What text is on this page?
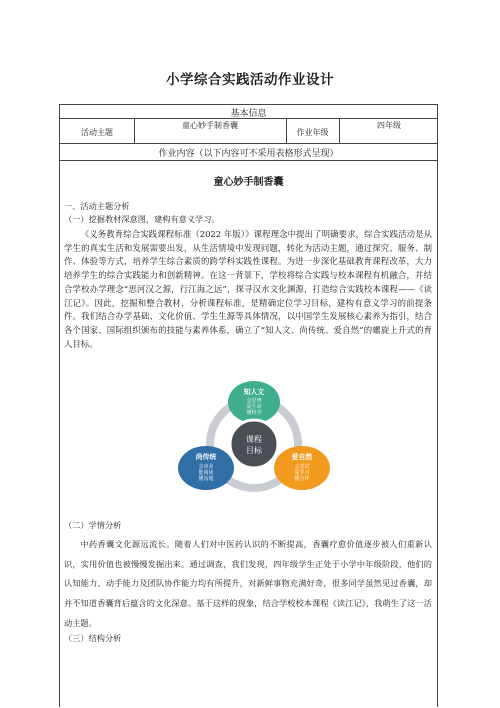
小学综合实践活动作业设计
基本信息
活动主题
童心妙手制香囊
作业年级
四年级
作业内容（以下内容可不采用表格形式呈现）
童心妙手制香囊
一、活动主题分析
（一）挖掘教材深意图，建构有意义学习。
《义务教育综合实践课程标准（2022 年版）》课程理念中提出了明确要求，综合实践活动是从学生的真实生活和发展需要出发，从生活情境中发现问题，转化为活动主题，通过探究、服务、制作、体验等方式，培养学生综合素质的跨学科实践性课程。为进一步深化基础教育课程改革，大力培养学生的综合实践能力和创新精神。在这一背景下，学校将综合实践与校本课程有机融合，并结合学校办学理念“思河汉之源，行江海之远”，探寻汉水文化渊源，打造综合实践校本课程——《读江记》。因此，挖掘和整合教材，分析课程标准，是精确定位学习目标，建构有意义学习的前提条件。我们结合办学基础、文化价值、学生生源等具体情况，以中国学生发展核心素养为指引，结合各个国家、国际组织颁布的技能与素养体系，确立了“知人文、尚传统、爱自然”的螺旋上升式的育人目标。
知人文
会思辨
爱生命
懂科学
尚传统
会审美
能阅读
懂沟通
爱自然
会尝试
爱学习
懂合作
课程
目标
（二）学情分析
中药香囊文化源远流长。随着人们对中医药认识的不断提高，香囊疗愈价值逐步被人们重新认识，实用价值也被慢慢发掘出来。通过调查，我们发现，四年级学生正处于小学中年级阶段，他们的认知能力、动手能力及团队协作能力均有所提升，对新鲜事物充满好奇，很多同学虽然见过香囊，却并不知道香囊背后蕴含的文化深意。基于这样的现象，结合学校校本课程《读江记》，我萌生了这一活动主题。
（三）结构分析
